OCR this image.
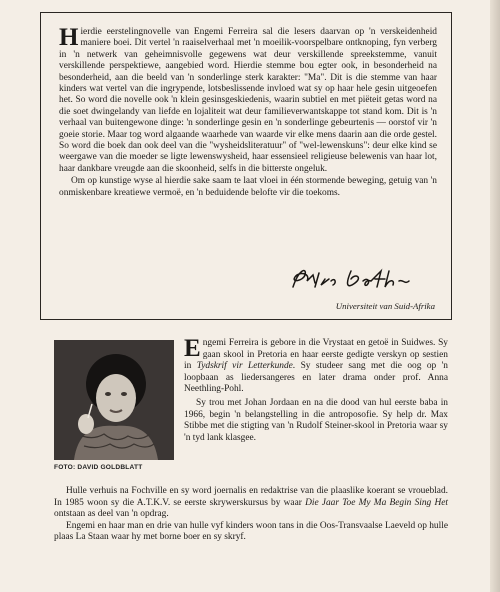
Hierdie eerstelingnovelle van Engemi Ferreira sal die lesers daarvan op 'n verskeidenheid maniere boei. Dit vertel 'n raaiselverhaal met 'n moeilik-voorspelbare ontknoping, fyn verberg in 'n netwerk van geheimnisvolle gegewens wat deur verskillende spreekstemme, vanuit verskillende perspektiewe, aangebied word. Hierdie stemme bou egter ook, in besonderheid na besonderheid, aan die beeld van 'n sonderlinge sterk karakter: "Ma". Dit is die stemme van haar kinders wat vertel van die ingrypende, lotsbeslissende invloed wat sy op haar hele gesin uitgeoefen het. So word die novelle ook 'n klein gesinsgeskiedenis, waarin subtiel en met piëteit getas word na die soet dwingelandy van liefde en lojaliteit wat deur familieverwantskappe tot stand kom. Dit is 'n verhaal van buitengewone dinge: 'n sonderlinge gesin en 'n sonderlinge gebeurtenis — oorstof vir 'n goeie storie. Maar tog word algaande waarhede van waarde vir elke mens daarin aan die orde gestel. So word die boek dan ook deel van die "wysheidsliteratuur" of "wel-lewenskuns": deur elke kind se weergawe van die moeder se ligte lewenswysheid, haar essensieel religieuse belewenis van haar lot, haar dankbare vreugde aan die skoonheid, selfs in die bitterste ongeluk.

Om op kunstige wyse al hierdie sake saam te laat vloei in één stormende beweging, getuig van 'n onmiskenbare kreatiewe vermoë, en 'n beduidende belofte vir die toekoms.

Universiteit van Suid-Afrika
FOTO: DAVID GOLDBLATT

Engemi Ferreira is gebore in die Vrystaat en getoë in Suidwes. Sy gaan skool in Pretoria en haar eerste gedigte verskyn op sestien in Tydskrif vir Letterkunde. Sy studeer sang met die oog op 'n loopbaan as liedersangeres en later drama onder prof. Anna Neethling-Pohl.

Sy trou met Johan Jordaan en na die dood van hul eerste baba in 1966, begin 'n belangstelling in die antroposofie. Sy help dr. Max Stibbe met die stigting van 'n Rudolf Steiner-skool in Pretoria waar sy 'n tyd lank klasgee.

Hulle verhuis na Fochville en sy word joernalis en redaktrise van die plaaslike koerant se vroueblad. In 1985 woon sy die A.T.K.V. se eerste skrywerskursus by waar Die Jaar Toe My Ma Begin Sing Het ontstaan as deel van 'n opdrag.

Engemi en haar man en drie van hulle vyf kinders woon tans in die Oos-Transvaalse Laeveld op hulle plaas La Staan waar hy met borne boer en sy skryf.
